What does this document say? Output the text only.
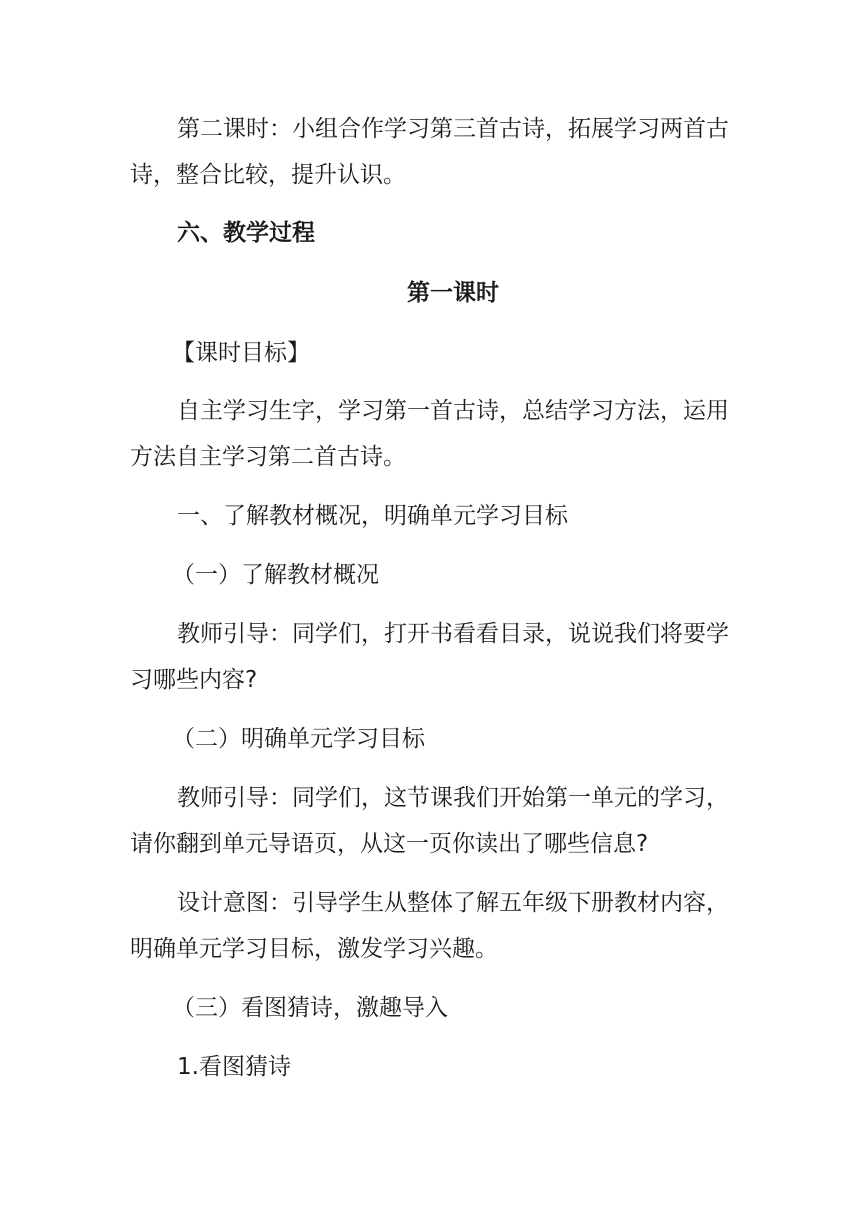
第二课时：小组合作学习第三首古诗，拓展学习两首古

诗，整合比较，提升认识。

六、教学过程

第一课时

【课时目标】

自主学习生字，学习第一首古诗，总结学习方法，运用

方法自主学习第二首古诗。

一、了解教材概况，明确单元学习目标

（一）了解教材概况

教师引导：同学们，打开书看看目录，说说我们将要学

习哪些内容?

（二）明确单元学习目标

教师引导：同学们，这节课我们开始第一单元的学习，

请你翻到单元导语页，从这一页你读出了哪些信息?

设计意图：引导学生从整体了解五年级下册教材内容，

明确单元学习目标，激发学习兴趣。

（三）看图猜诗，激趣导入

1.看图猜诗
